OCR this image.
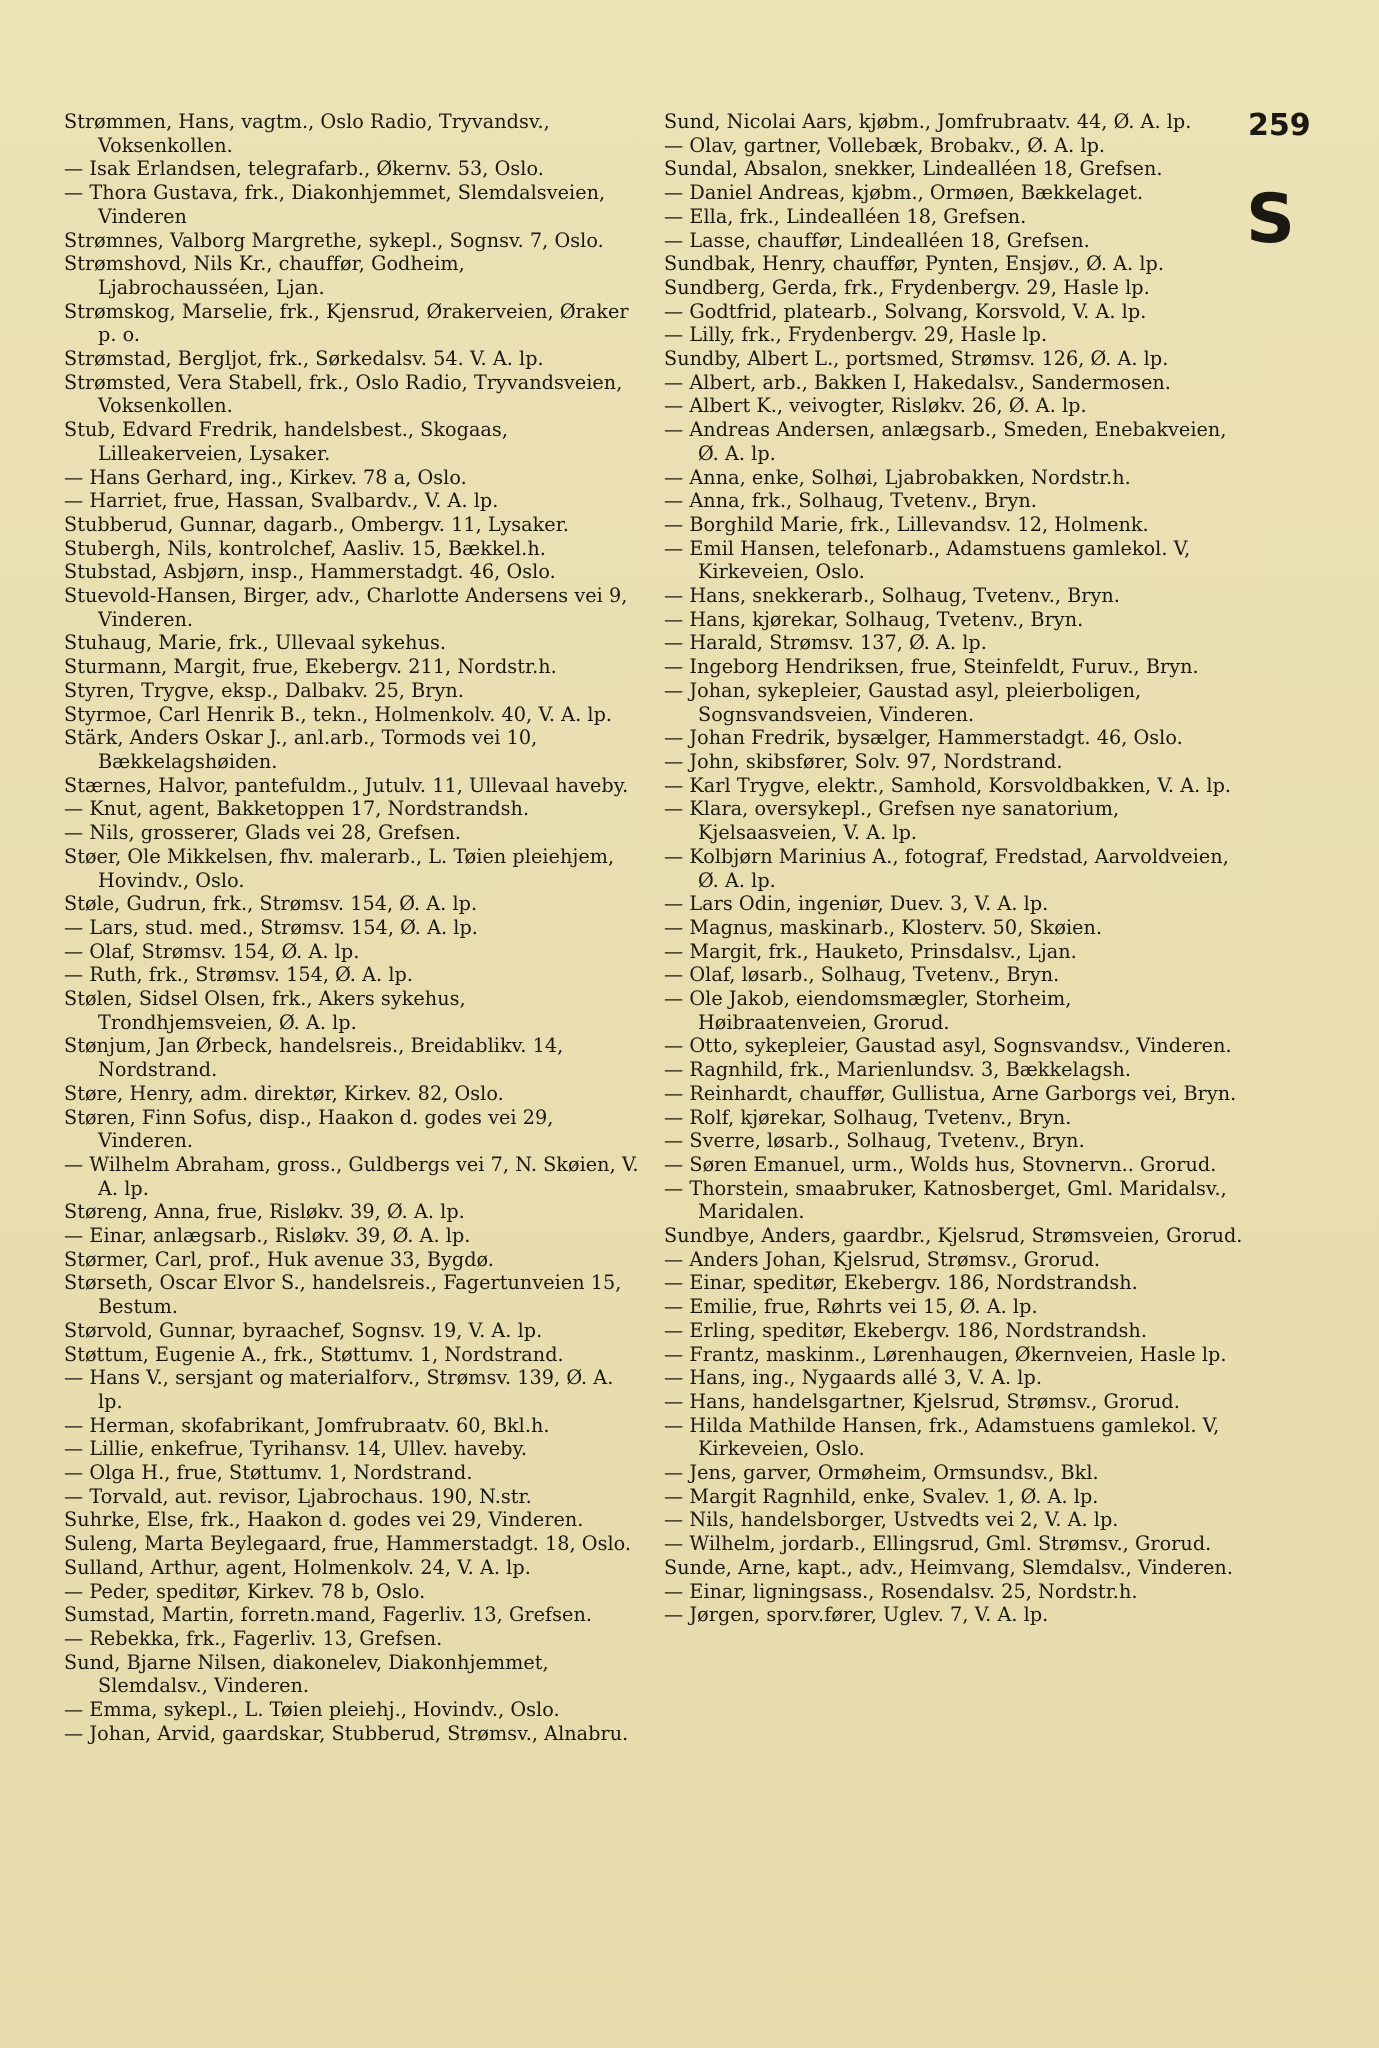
259
S

Strømmen, Hans, vagtm., Oslo Radio, Tryvandsv., Voksenkollen.

— Isak Erlandsen, telegrafarb., Økernv. 53, Oslo.

— Thora Gustava, frk., Diakonhjemmet, Slemdalsveien, Vinderen

Strømnes, Valborg Margrethe, sykepl., Sognsv. 7, Oslo.

Strømshovd, Nils Kr., chauffør, Godheim, Ljabrochausséen, Ljan.

Strømskog, Marselie, frk., Kjensrud, Ørakerveien, Øraker p. o.

Strømstad, Bergljot, frk., Sørkedalsv. 54. V. A. lp.

Strømsted, Vera Stabell, frk., Oslo Radio, Tryvandsveien, Voksenkollen.

Stub, Edvard Fredrik, handelsbest., Skogaas, Lilleakerveien, Lysaker.

— Hans Gerhard, ing., Kirkev. 78 a, Oslo.

— Harriet, frue, Hassan, Svalbardv., V. A. lp.

Stubberud, Gunnar, dagarb., Ombergv. 11, Lysaker.

Stubergh, Nils, kontrolchef, Aasliv. 15, Bækkel.h.

Stubstad, Asbjørn, insp., Hammerstadgt. 46, Oslo.

Stuevold-Hansen, Birger, adv., Charlotte Andersens vei 9, Vinderen.

Stuhaug, Marie, frk., Ullevaal sykehus.

Sturmann, Margit, frue, Ekebergv. 211, Nordstr.h.

Styren, Trygve, eksp., Dalbakv. 25, Bryn.

Styrmoe, Carl Henrik B., tekn., Holmenkolv. 40, V. A. lp.

Stärk, Anders Oskar J., anl.arb., Tormods vei 10, Bækkelagshøiden.

Stærnes, Halvor, pantefuldm., Jutulv. 11, Ullevaal haveby.

— Knut, agent, Bakketoppen 17, Nordstrandsh.

— Nils, grosserer, Glads vei 28, Grefsen.

Støer, Ole Mikkelsen, fhv. malerarb., L. Tøien pleiehjem, Hovindv., Oslo.

Støle, Gudrun, frk., Strømsv. 154, Ø. A. lp.

— Lars, stud. med., Strømsv. 154, Ø. A. lp.

— Olaf, Strømsv. 154, Ø. A. lp.

— Ruth, frk., Strømsv. 154, Ø. A. lp.

Stølen, Sidsel Olsen, frk., Akers sykehus, Trondhjemsveien, Ø. A. lp.

Stønjum, Jan Ørbeck, handelsreis., Breidablikv. 14, Nordstrand.

Støre, Henry, adm. direktør, Kirkev. 82, Oslo.

Støren, Finn Sofus, disp., Haakon d. godes vei 29, Vinderen.

— Wilhelm Abraham, gross., Guldbergs vei 7, N. Skøien, V. A. lp.

Støreng, Anna, frue, Risløkv. 39, Ø. A. lp.

— Einar, anlægsarb., Risløkv. 39, Ø. A. lp.

Størmer, Carl, prof., Huk avenue 33, Bygdø.

Størseth, Oscar Elvor S., handelsreis., Fagertunveien 15, Bestum.

Størvold, Gunnar, byraachef, Sognsv. 19, V. A. lp.

Støttum, Eugenie A., frk., Støttumv. 1, Nordstrand.

— Hans V., sersjant og materialforv., Strømsv. 139, Ø. A. lp.

— Herman, skofabrikant, Jomfrubraatv. 60, Bkl.h.

— Lillie, enkefrue, Tyrihansv. 14, Ullev. haveby.

— Olga H., frue, Støttumv. 1, Nordstrand.

— Torvald, aut. revisor, Ljabrochaus. 190, N.str.

Suhrke, Else, frk., Haakon d. godes vei 29, Vinderen.

Suleng, Marta Beylegaard, frue, Hammerstadgt. 18, Oslo.

Sulland, Arthur, agent, Holmenkolv. 24, V. A. lp.

— Peder, speditør, Kirkev. 78 b, Oslo.

Sumstad, Martin, forretn.mand, Fagerliv. 13, Grefsen.

— Rebekka, frk., Fagerliv. 13, Grefsen.

Sund, Bjarne Nilsen, diakonelev, Diakonhjemmet, Slemdalsv., Vinderen.

— Emma, sykepl., L. Tøien pleiehj., Hovindv., Oslo.

— Johan, Arvid, gaardskar, Stubberud, Strømsv., Alnabru.

Sund, Nicolai Aars, kjøbm., Jomfrubraatv. 44, Ø. A. lp.

— Olav, gartner, Vollebæk, Brobakv., Ø. A. lp.

Sundal, Absalon, snekker, Lindealléen 18, Grefsen.

— Daniel Andreas, kjøbm., Ormøen, Bækkelaget.

— Ella, frk., Lindealléen 18, Grefsen.

— Lasse, chauffør, Lindealléen 18, Grefsen.

Sundbak, Henry, chauffør, Pynten, Ensjøv., Ø. A. lp.

Sundberg, Gerda, frk., Frydenbergv. 29, Hasle lp.

— Godtfrid, platearb., Solvang, Korsvold, V. A. lp.

— Lilly, frk., Frydenbergv. 29, Hasle lp.

Sundby, Albert L., portsmed, Strømsv. 126, Ø. A. lp.

— Albert, arb., Bakken I, Hakedalsv., Sandermosen.

— Albert K., veivogter, Risløkv. 26, Ø. A. lp.

— Andreas Andersen, anlægsarb., Smeden, Enebakveien, Ø. A. lp.

— Anna, enke, Solhøi, Ljabrobakken, Nordstr.h.

— Anna, frk., Solhaug, Tvetenv., Bryn.

— Borghild Marie, frk., Lillevandsv. 12, Holmenk.

— Emil Hansen, telefonarb., Adamstuens gamlekol. V, Kirkeveien, Oslo.

— Hans, snekkerarb., Solhaug, Tvetenv., Bryn.

— Hans, kjørekar, Solhaug, Tvetenv., Bryn.

— Harald, Strømsv. 137, Ø. A. lp.

— Ingeborg Hendriksen, frue, Steinfeldt, Furuv., Bryn.

— Johan, sykepleier, Gaustad asyl, pleierboligen, Sognsvandsveien, Vinderen.

— Johan Fredrik, bysælger, Hammerstadgt. 46, Oslo.

— John, skibsfører, Solv. 97, Nordstrand.

— Karl Trygve, elektr., Samhold, Korsvoldbakken, V. A. lp.

— Klara, oversykepl., Grefsen nye sanatorium, Kjelsaasveien, V. A. lp.

— Kolbjørn Marinius A., fotograf, Fredstad, Aarvoldveien, Ø. A. lp.

— Lars Odin, ingeniør, Duev. 3, V. A. lp.

— Magnus, maskinarb., Klosterv. 50, Skøien.

— Margit, frk., Hauketo, Prinsdalsv., Ljan.

— Olaf, løsarb., Solhaug, Tvetenv., Bryn.

— Ole Jakob, eiendomsmægler, Storheim, Høibraatenveien, Grorud.

— Otto, sykepleier, Gaustad asyl, Sognsvandsv., Vinderen.

— Ragnhild, frk., Marienlundsv. 3, Bækkelagsh.

— Reinhardt, chauffør, Gullistua, Arne Garborgs vei, Bryn.

— Rolf, kjørekar, Solhaug, Tvetenv., Bryn.

— Sverre, løsarb., Solhaug, Tvetenv., Bryn.

— Søren Emanuel, urm., Wolds hus, Stovnervn.. Grorud.

— Thorstein, smaabruker, Katnosberget, Gml. Maridalsv., Maridalen.

Sundbye, Anders, gaardbr., Kjelsrud, Strømsveien, Grorud.

— Anders Johan, Kjelsrud, Strømsv., Grorud.

— Einar, speditør, Ekebergv. 186, Nordstrandsh.

— Emilie, frue, Røhrts vei 15, Ø. A. lp.

— Erling, speditør, Ekebergv. 186, Nordstrandsh.

— Frantz, maskinm., Lørenhaugen, Økernveien, Hasle lp.

— Hans, ing., Nygaards allé 3, V. A. lp.

— Hans, handelsgartner, Kjelsrud, Strømsv., Grorud.

— Hilda Mathilde Hansen, frk., Adamstuens gamlekol. V, Kirkeveien, Oslo.

— Jens, garver, Ormøheim, Ormsundsv., Bkl.

— Margit Ragnhild, enke, Svalev. 1, Ø. A. lp.

— Nils, handelsborger, Ustvedts vei 2, V. A. lp.

— Wilhelm, jordarb., Ellingsrud, Gml. Strømsv., Grorud.

Sunde, Arne, kapt., adv., Heimvang, Slemdalsv., Vinderen.

— Einar, ligningsass., Rosendalsv. 25, Nordstr.h.

— Jørgen, sporv.fører, Uglev. 7, V. A. lp.
